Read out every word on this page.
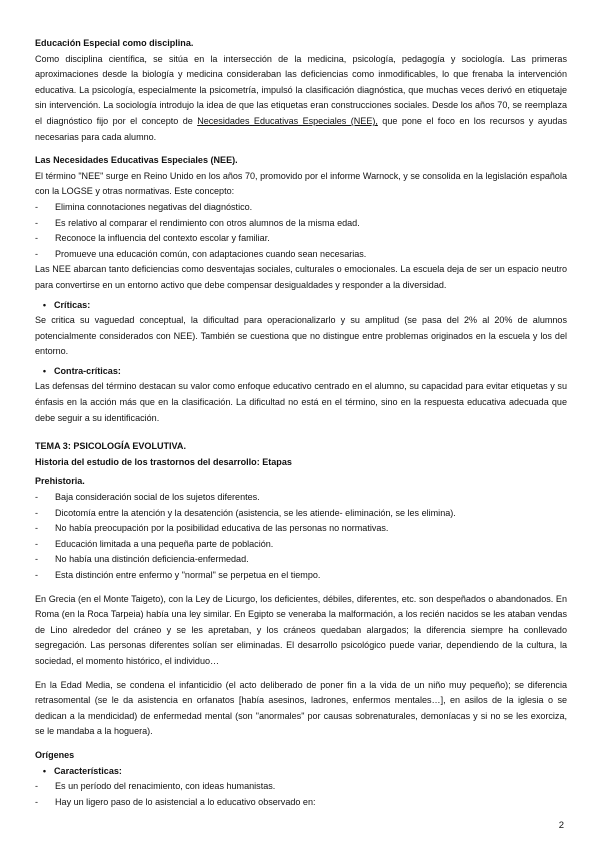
Educación Especial como disciplina.

Como disciplina científica, se sitúa en la intersección de la medicina, psicología, pedagogía y sociología. Las primeras aproximaciones desde la biología y medicina consideraban las deficiencias como inmodificables, lo que frenaba la intervención educativa. La psicología, especialmente la psicometría, impulsó la clasificación diagnóstica, que muchas veces derivó en etiquetaje sin intervención. La sociología introdujo la idea de que las etiquetas eran construcciones sociales. Desde los años 70, se reemplaza el diagnóstico fijo por el concepto de Necesidades Educativas Especiales (NEE), que pone el foco en los recursos y ayudas necesarias para cada alumno.

Las Necesidades Educativas Especiales (NEE).

El término "NEE" surge en Reino Unido en los años 70, promovido por el informe Warnock, y se consolida en la legislación española con la LOGSE y otras normativas. Este concepto:

-	Elimina connotaciones negativas del diagnóstico.
-	Es relativo al comparar el rendimiento con otros alumnos de la misma edad.
-	Reconoce la influencia del contexto escolar y familiar.
-	Promueve una educación común, con adaptaciones cuando sean necesarias.

Las NEE abarcan tanto deficiencias como desventajas sociales, culturales o emocionales. La escuela deja de ser un espacio neutro para convertirse en un entorno activo que debe compensar desigualdades y responder a la diversidad.

• Críticas:

Se critica su vaguedad conceptual, la dificultad para operacionalizarlo y su amplitud (se pasa del 2% al 20% de alumnos potencialmente considerados con NEE). También se cuestiona que no distingue entre problemas originados en la escuela y los del entorno.

• Contra-críticas:

Las defensas del término destacan su valor como enfoque educativo centrado en el alumno, su capacidad para evitar etiquetas y su énfasis en la acción más que en la clasificación. La dificultad no está en el término, sino en la respuesta educativa adecuada que debe seguir a su identificación.

TEMA 3: PSICOLOGÍA EVOLUTIVA.

Historia del estudio de los trastornos del desarrollo: Etapas

Prehistoria.

-	Baja consideración social de los sujetos diferentes.
-	Dicotomía entre la atención y la desatención (asistencia, se les atiende- eliminación, se les elimina).
-	No había preocupación por la posibilidad educativa de las personas no normativas.
-	Educación limitada a una pequeña parte de población.
-	No había una distinción deficiencia-enfermedad.
-	Esta distinción entre enfermo y "normal" se perpetua en el tiempo.

En Grecia (en el Monte Taigeto), con la Ley de Licurgo, los deficientes, débiles, diferentes, etc. son despeñados o abandonados. En Roma (en la Roca Tarpeia) había una ley similar. En Egipto se veneraba la malformación, a los recién nacidos se les ataban vendas de Lino alrededor del cráneo y se les apretaban, y los cráneos quedaban alargados; la diferencia siempre ha conllevado segregación. Las personas diferentes solían ser eliminadas. El desarrollo psicológico puede variar, dependiendo de la cultura, la sociedad, el momento histórico, el individuo…

En la Edad Media, se condena el infanticidio (el acto deliberado de poner fin a la vida de un niño muy pequeño); se diferencia retrasomental (se le da asistencia en orfanatos [había asesinos, ladrones, enfermos mentales…], en asilos de la iglesia o se dedican a la mendicidad) de enfermedad mental (son "anormales" por causas sobrenaturales, demoníacas y si no se les exorciza, se le mandaba a la hoguera).

Orígenes

• Características:
-	Es un período del renacimiento, con ideas humanistas.
-	Hay un ligero paso de lo asistencial a lo educativo observado en:
2
